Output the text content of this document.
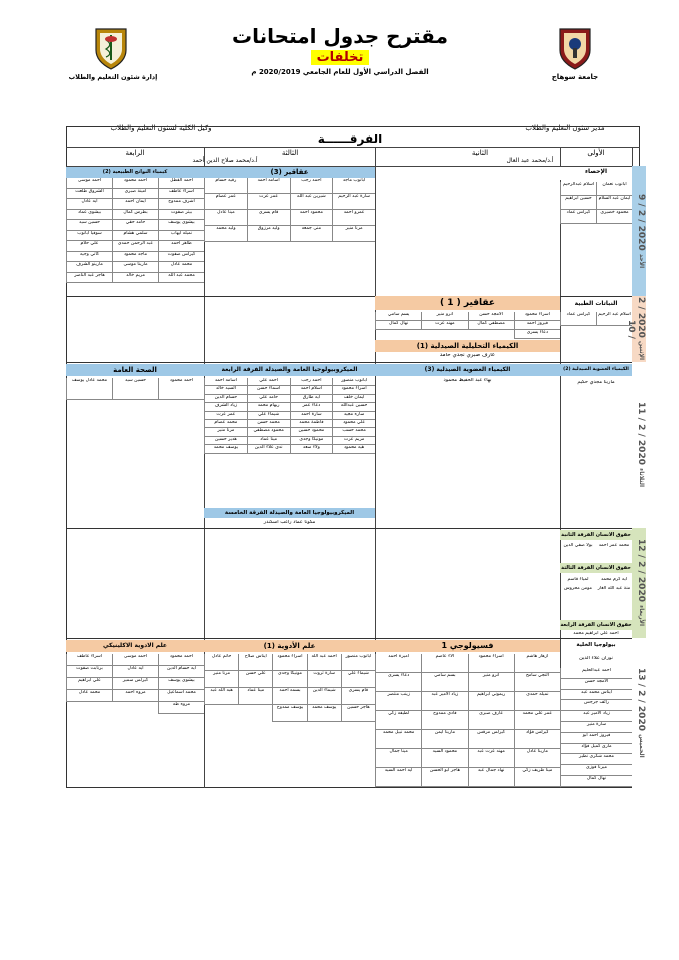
جامعة سوهاج
إدارة شئون التعليم والطلاب
مقترح جدول امتحانات
تخلفات
الفصل الدراسي الأول للعام الجامعي 2020/2019 م
وكيل الكلية لشئون التعليم والطلاب	مدير شئون التعليم والطلاب
الفرقــــــة
الأولى
الثانية
الثالثة
الرابعة
أ.د/محمد صلاح الدين أحمد	أ.د/محمد عبد العال
الأحد 2020 / 2 / 9
الإثنين 2020 / 2 / 10
الثلاثاء 2020 / 2 / 11
الأربعاء 2020 / 2 / 12
الخميس 2020 / 2 / 13
الإحصاء
عقاقير (3)
كيمياء النواتج الطبيعية (2)
ابانوب نعمان
اسلام عبدالرحيم
ايمان عبد السلام
حسين ابراهيم
محمود خضيري
كيرلس عماد
ابانوب ماجد
احمد رجب
اسامه احمد
رقيه حسام
سارة عبد الرحيم
شيرين عبد الله
عمر عزت
عمر عصام
عمرو احمد
محمود احمد
قام يسري
مينا عادل
مرنا منير
منى جمعه
وليد مرزوق
وليد محمد
احمد القطل
احمد محمود
احمد موسى
اسراء عاطف
امينة صبري
الشروق طلعت
اشرف ممدوح
ايمان احمد
ايه عادل
بيتر صفوت
بطرس كمال
بيشوي عماد
بيشوي يوسف
حامد حقي
حسين سيد
نميله ايهاب
سلمي هشام
سوفيا ابانوب
طاهر احمد
عبد الرحمن حمدي
علي حلام
كيرلس صفوت
ماجد محمود
كاتي وجيه
محمد عادل
مارينا موسى
مارينو الشرف
محمد عبد الله
مريم خالد
هاجر عبد الناصر
النباتات الطبية
عقاقير ( 1 )
الكيمياء التحليلية الصيدلية (1)
عارف صبري نجدي حامد
اسلام عبد الرحيم
كيرلس عماد
اسراء محمود
الامجد حسن
انرو منير
يسم سامي
فيروز احمد
مصطفي كمال
مهند عزت
نهال كمال
دعاء يسري
الكيمياء العضوية الصيدلية (2)
مارينا مجدي حكيم
الكيمياء العضوية الصيدلية (3)
بهاء عبد الحفيظ محمود
الميكروبيولوجيا العامة والصيدلة الفرقة الرابعة
الصحة العامة
الميكروبيولوجيا العامة والصيدلة الفرقة الخامسة
مكونا عماد راغب اسكندر
ابانوب منصور
احمد رجب
احمد علي
اسامه احمد
اسراء محمود
اسلام احمد
اسماء حسن
السيد خالد
ايمان خلف
ايه طارق
حامد علي
حسام الدين
حسين عبدالله
دعاء عمر
ريهام محمد
زياد الشرف
ساره مجيد
سارة احمد
شيماء علي
عمر عزت
علي محمود
فاطمة محمد
محمد حسن
محمد عصام
محمد حسب
محمود حسين
محمود مصطفي
مرنا منير
مريم عزت
مونيكا وجدي
مينا عماد
هدير حسين
هيه محمود
ولاء سعد
ندى علاء الدين
يوسف محمد
احمد محمود
حسين سيد
محمد عادل يوسف
حقوق الانسان الفرقة الثانية
حقوق الانسان الفرقة الثالثة
حقوق الانسان الفرقة الرابعة
محمد عمر احمد
بولا صفي الدين
ايه كرم محمد
لمياء قاسم
منة عبد الله الغار
مومن محروس
احمد علي ابراهيم محمد
بيولوجيا الخلية
نوران علاء الدين
فسيولوجي 1
علم الأدوية (1)
علم الادوية الاكلينيكي
احمد عبدالحليم
الامجد حسن
ايناس محمد عبد
رائف جرجس
زياد الامير عبد
سارة منير
فيروز احمد ابو
مارى كميل فؤاد
محمد شكري نظير
ميرنا فوزي
نهال كمال
ازهار هاشم
اسراء محمود
الاء عاصم
اميرة احمد
النجي سامح
انرو منير
بسم سامي
دعاء يسري
نميله حمدي
ريموني ابراهيم
زياد الامير عبد
زينب منتصر
عمر علي محمد
عارف صبري
فادي ممدوح
لطيفه زكي
كيرلس فؤاد
كيرلس مرقس
مارينا ايمن
محمد نبيل محمد
مارينا عادل
مهند عزت عبد
محمود السيد
مينا جمال
مينا ظريف زكي
نهاد جمال عبد
هاجر ابو الحسن
ايه احمد السيد
ابانوب منصور
احمد عبد الله
اسراء محمود
ايناس صلاح
حاتم عادل
شيماء علي
سارة ثروت
مونيكا وجدي
علي حسن
مرنا منير
قام يسري
شيماء الدين
بسمه احمد
مينا عماد
هبه الله عبد
هاجر حسين
يوسف محمد
يوسف ممدوح
احمد محمود
احمد موسى
اسراء عاطف
ايه حسام الدين
ايه عادل
برنابت صفوت
بيشوي يوسف
كيرلس سمير
علي ابراهيم
محمد اسماعيل
مروه احمد
محمد عادل
مروه طه
